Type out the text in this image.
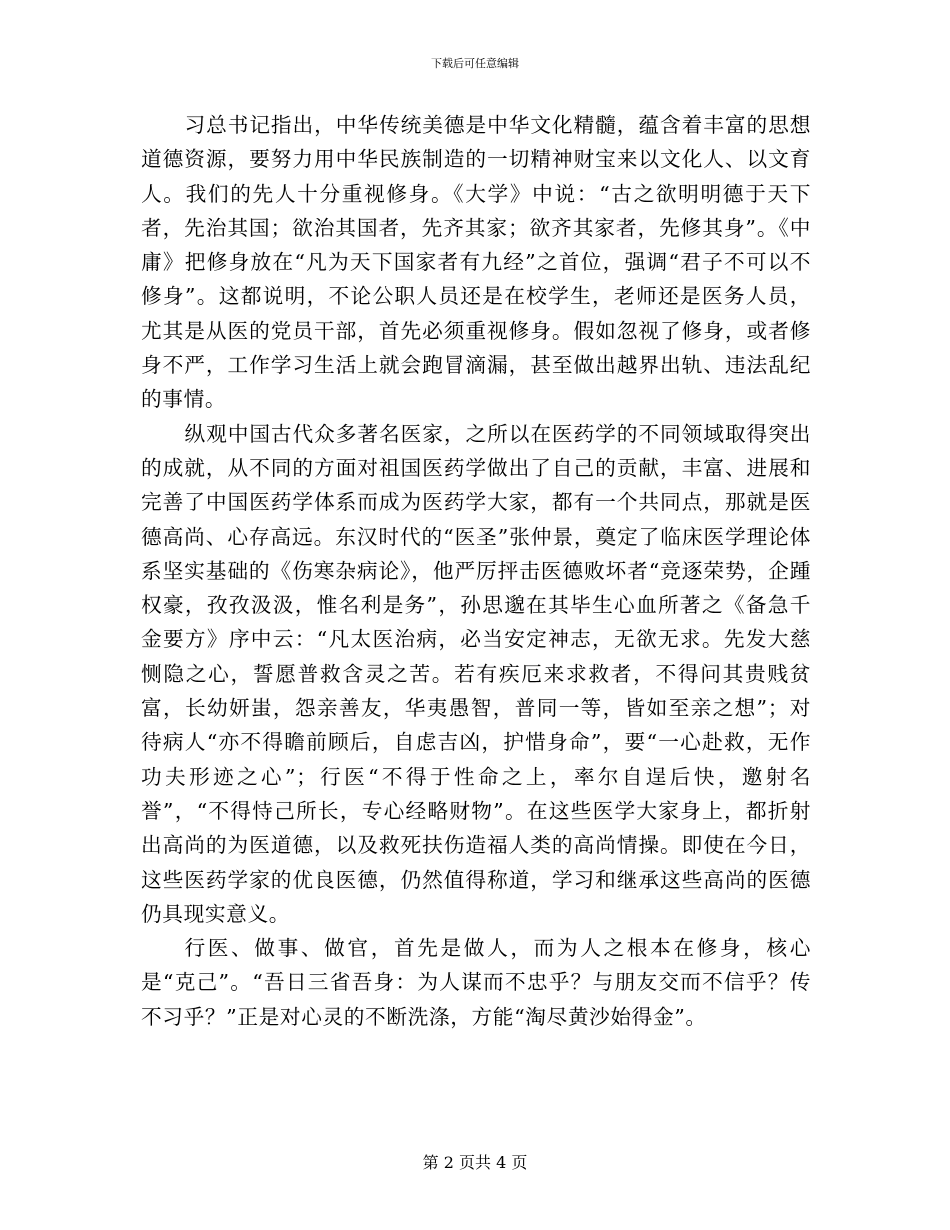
下载后可任意编辑

习总书记指出，中华传统美德是中华文化精髓，蕴含着丰富的思想道德资源，要努力用中华民族制造的一切精神财宝来以文化人、以文育人。我们的先人十分重视修身。《大学》中说：“古之欲明明德于天下者，先治其国；欲治其国者，先齐其家；欲齐其家者，先修其身”。《中庸》把修身放在“凡为天下国家者有九经”之首位，强调“君子不可以不修身”。这都说明，不论公职人员还是在校学生，老师还是医务人员，尤其是从医的党员干部，首先必须重视修身。假如忽视了修身，或者修身不严，工作学习生活上就会跑冒滴漏，甚至做出越界出轨、违法乱纪的事情。

纵观中国古代众多著名医家，之所以在医药学的不同领域取得突出的成就，从不同的方面对祖国医药学做出了自己的贡献，丰富、进展和完善了中国医药学体系而成为医药学大家，都有一个共同点，那就是医德高尚、心存高远。东汉时代的“医圣”张仲景，奠定了临床医学理论体系坚实基础的《伤寒杂病论》，他严厉抨击医德败坏者“竞逐荣势，企踵权豪，孜孜汲汲，惟名利是务”，孙思邈在其毕生心血所著之《备急千金要方》序中云：“凡太医治病，必当安定神志，无欲无求。先发大慈恻隐之心，誓愿普救含灵之苦。若有疾厄来求救者，不得问其贵贱贫富，长幼妍蚩，怨亲善友，华夷愚智，普同一等，皆如至亲之想”；对待病人“亦不得瞻前顾后，自虑吉凶，护惜身命”，要“一心赴救，无作功夫形迹之心”；行医“不得于性命之上，率尔自逞后快，邀射名誉”，“不得恃己所长，专心经略财物”。在这些医学大家身上，都折射出高尚的为医道德，以及救死扶伤造福人类的高尚情操。即使在今日，这些医药学家的优良医德，仍然值得称道，学习和继承这些高尚的医德仍具现实意义。

行医、做事、做官，首先是做人，而为人之根本在修身，核心是“克己”。“吾日三省吾身：为人谋而不忠乎？与朋友交而不信乎？传不习乎？”正是对心灵的不断洗涤，方能“淘尽黄沙始得金”。

第 2 页共 4 页
